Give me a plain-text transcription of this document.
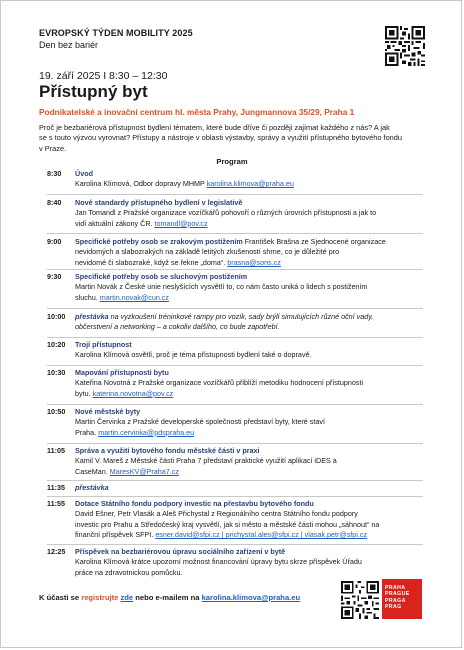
EVROPSKÝ TÝDEN MOBILITY 2025
Den bez bariér
19. září 2025 I 8:30 – 12:30
Přístupný byt
Podnikatelské a inovační centrum hl. města Prahy, Jungmannova 35/29, Praha 1
Proč je bezbariérová přístupnost bydlení tématem, které bude dříve či později zajímat každého z nás? A jak
se s touto výzvou vyrovnat? Přístupy a nástroje v oblasti výstavby, správy a využití přístupného bytového fondu
v Praze.
Program
8:30 Úvod
Karolina Klímová, Odbor dopravy MHMP karolina.klimova@praha.eu
8:40 Nové standardy přístupného bydlení v legislativě
Jan Tomandl z Pražské organizace vozíčkářů pohovoří o různých úrovních přístupnosti a jak to
vidí aktuální zákony ČR. tomandl@pov.cz
9:00 Specifické potřeby osob se zrakovým postižením František Brašna ze Sjednocené organizace
nevidomých a slabozrakých na základě letitých zkušeností shrne, co je důležité pro
nevidomé či slabozraké, když se řekne „doma“. brasna@sons.cz
9:30 Specifické potřeby osob se sluchovým postižením
Martin Novák z České unie neslyšících vysvětlí to, co nám často uniká o lidech s postižením
sluchu. martin.novak@cun.cz
10:00 přestávka na vyzkoušení tréninkové rampy pro vozík, sady brýlí simulujících různé oční vady,
občerstvení a networking – a cokoliv dalšího, co bude zapotřebí.
10:20 Trojí přístupnost
Karolina Klímová osvětlí, proč je téma přístupnosti bydlení také o dopravě.
10:30 Mapování přístupnosti bytu
Kateřina Novotná z Pražské organizace vozíčkářů přiblíží metodiku hodnocení přístupnosti
bytu. katerina.novotna@pov.cz
10:50 Nové městské byty
Martin Červinka z Pražské developerské společnosti představí byty, které staví
Praha. martin.cervinka@pdspraha.eu
11:05 Správa a využití bytového fondu městské části v praxi
Kamil V. Mareš z Městské části Praha 7 představí praktické využití aplikací iDES a
CaseMan. MaresKV@Praha7.cz
11:35 přestávka
11:55 Dotace Státního fondu podpory investic na přestavbu bytového fondu
David Ešner, Petr Vlasák a Aleš Přichystal z Regionálního centra Státního fondu podpory
investic pro Prahu a Středočeský kraj vysvětlí, jak si město a městské části mohou „sáhnout“ na
finanční příspěvek SFPI. esner.david@sfpi.cz | prichystal.ales@sfpi.cz | vlasak.petr@sfpi.cz
12:25 Příspěvek na bezbariérovou úpravu sociálního zařízení v bytě
Karolina Klímová krátce upozorní možnost financování úpravy bytu skrze příspěvek Úřadu
práce na zdravotnickou pomůcku.
K účasti se registrujte zde nebo e-mailem na karolina.klimova@praha.eu
PRAHA
PRAGUE
PRAGA
PRAG
